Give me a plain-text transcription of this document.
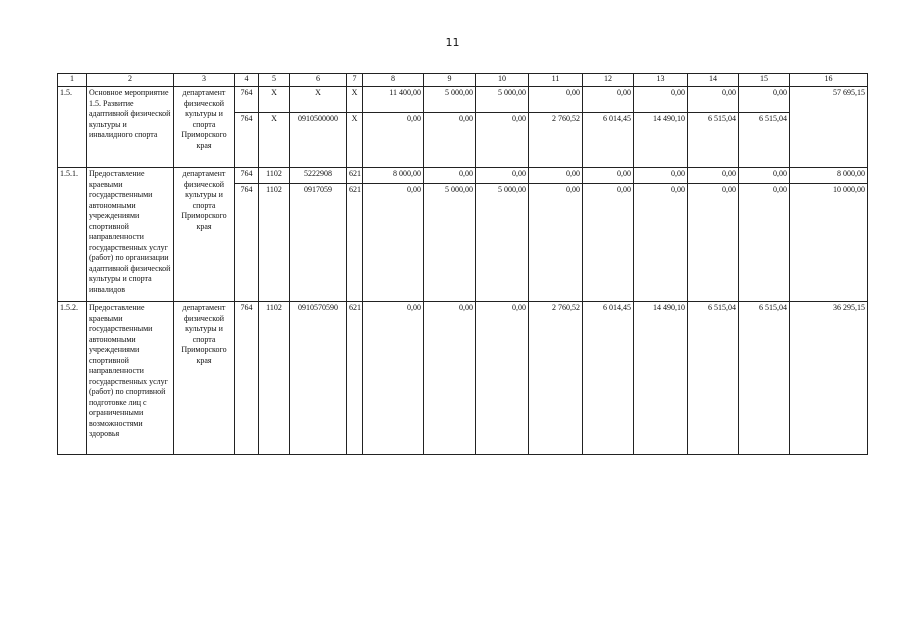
11
1	2	3	4	5	6	7	8	9	10	11	12	13	14	15	16
1.5.	Основное мероприятие 1.5. Развитие адаптивной физической культуры и инвалидного спорта	департамент физической культуры и спорта Приморского края	764	Х	Х	Х	11 400,00	5 000,00	5 000,00	0,00	0,00	0,00	0,00	0,00	57 695,15
			764	Х	0910500000	Х	0,00	0,00	0,00	2 760,52	6 014,45	14 490,10	6 515,04	6 515,04	
1.5.1.	Предоставление краевыми государственными автономными учреждениями спортивной направленности государственных услуг (работ) по организации адаптивной физической культуры и спорта инвалидов	департамент физической культуры и спорта Приморского края	764	1102	5222908	621	8 000,00	0,00	0,00	0,00	0,00	0,00	0,00	0,00	8 000,00
			764	1102	0917059	621	0,00	5 000,00	5 000,00	0,00	0,00	0,00	0,00	0,00	10 000,00
1.5.2.	Предоставление краевыми государственными автономными учреждениями спортивной направленности государственных услуг (работ) по спортивной подготовке лиц с ограниченными возможностями здоровья	департамент физической культуры и спорта Приморского края	764	1102	0910570590	621	0,00	0,00	0,00	2 760,52	6 014,45	14 490,10	6 515,04	6 515,04	36 295,15
